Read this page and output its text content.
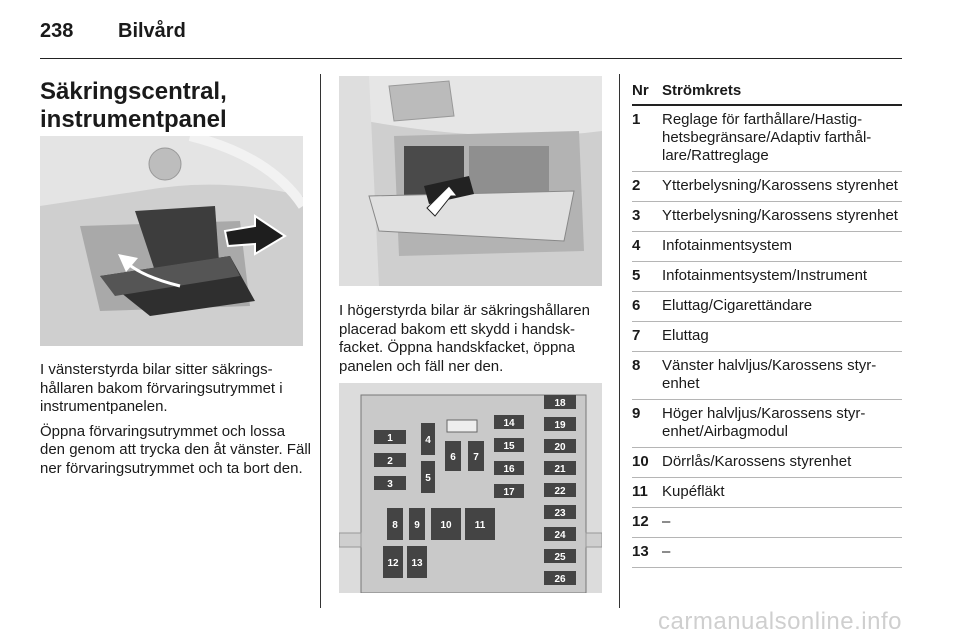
238 Bilvård
Säkringscentral, instrumentpanel

I vänsterstyrda bilar sitter säkringshållaren bakom förvaringsutrymmet i instrumentpanelen.

Öppna förvaringsutrymmet och lossa den genom att trycka den åt vänster. Fäll ner förvaringsutrymmet och ta bort den.

I högerstyrda bilar är säkringshållaren placerad bakom ett skydd i handskfacket. Öppna handskfacket, öppna panelen och fäll ner den.

1
2
3
4
5
6 7
14
15
16
17
18
19
20
21
22
23
24
25
26
8 9 10 11
12 13
Nr Strömkrets
1	Reglage för farthållare/Hastighetsbegränsare/Adaptiv farthållare/Rattreglage
2	Ytterbelysning/Karossens styrenhet
3	Ytterbelysning/Karossens styrenhet
4	Infotainmentsystem
5	Infotainmentsystem/Instrument
6	Eluttag/Cigarettändare
7	Eluttag
8	Vänster halvljus/Karossens styrenhet
9	Höger halvljus/Karossens styrenhet/Airbagmodul
10 Dörrlås/Karossens styrenhet
11 Kupéfläkt
12 –
13 –
carmanualsonline.info
